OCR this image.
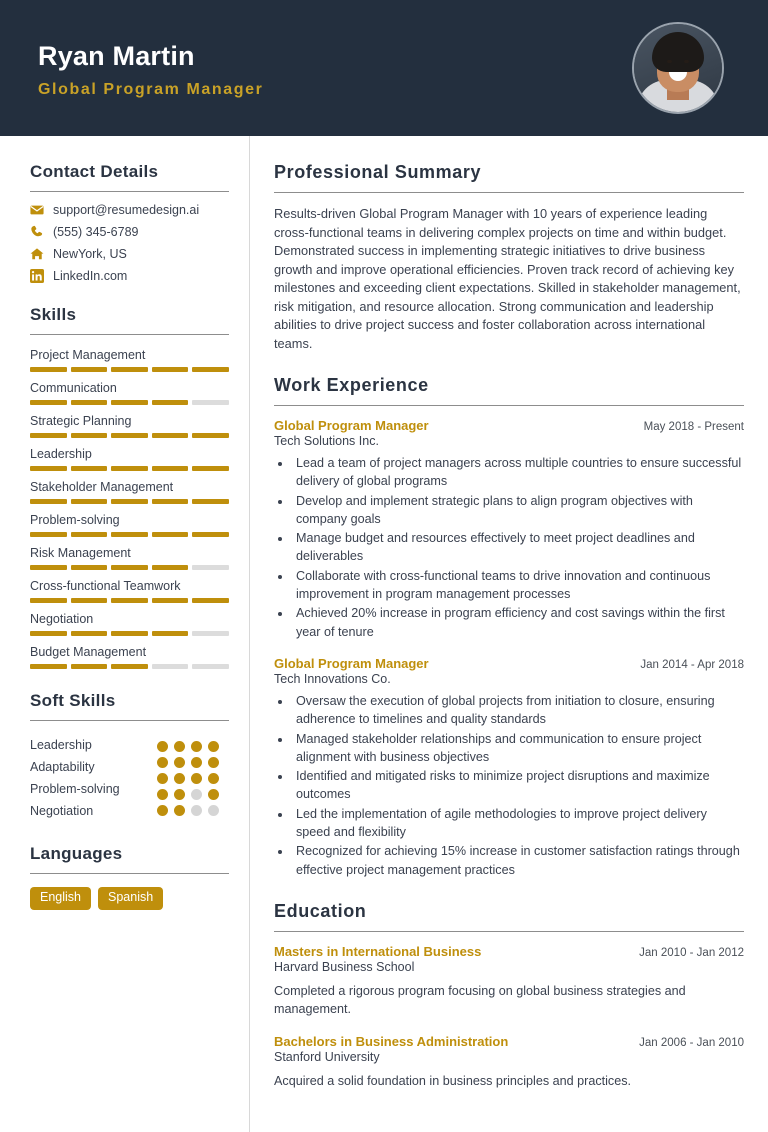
Ryan Martin
Global Program Manager
Contact Details
support@resumedesign.ai
(555) 345-6789
NewYork, US
LinkedIn.com
Skills
Project Management
Communication
Strategic Planning
Leadership
Stakeholder Management
Problem-solving
Risk Management
Cross-functional Teamwork
Negotiation
Budget Management
Soft Skills
Leadership
Adaptability
Problem-solving
Negotiation
Languages
English	Spanish
Professional Summary
Results-driven Global Program Manager with 10 years of experience leading cross-functional teams in delivering complex projects on time and within budget. Demonstrated success in implementing strategic initiatives to drive business growth and improve operational efficiencies. Proven track record of achieving key milestones and exceeding client expectations. Skilled in stakeholder management, risk mitigation, and resource allocation. Strong communication and leadership abilities to drive project success and foster collaboration across international teams.
Work Experience
Global Program Manager	May 2018 - Present
Tech Solutions Inc.
• Lead a team of project managers across multiple countries to ensure successful delivery of global programs
• Develop and implement strategic plans to align program objectives with company goals
• Manage budget and resources effectively to meet project deadlines and deliverables
• Collaborate with cross-functional teams to drive innovation and continuous improvement in program management processes
• Achieved 20% increase in program efficiency and cost savings within the first year of tenure
Global Program Manager	Jan 2014 - Apr 2018
Tech Innovations Co.
• Oversaw the execution of global projects from initiation to closure, ensuring adherence to timelines and quality standards
• Managed stakeholder relationships and communication to ensure project alignment with business objectives
• Identified and mitigated risks to minimize project disruptions and maximize outcomes
• Led the implementation of agile methodologies to improve project delivery speed and flexibility
• Recognized for achieving 15% increase in customer satisfaction ratings through effective project management practices
Education
Masters in International Business	Jan 2010 - Jan 2012
Harvard Business School
Completed a rigorous program focusing on global business strategies and management.
Bachelors in Business Administration	Jan 2006 - Jan 2010
Stanford University
Acquired a solid foundation in business principles and practices.
